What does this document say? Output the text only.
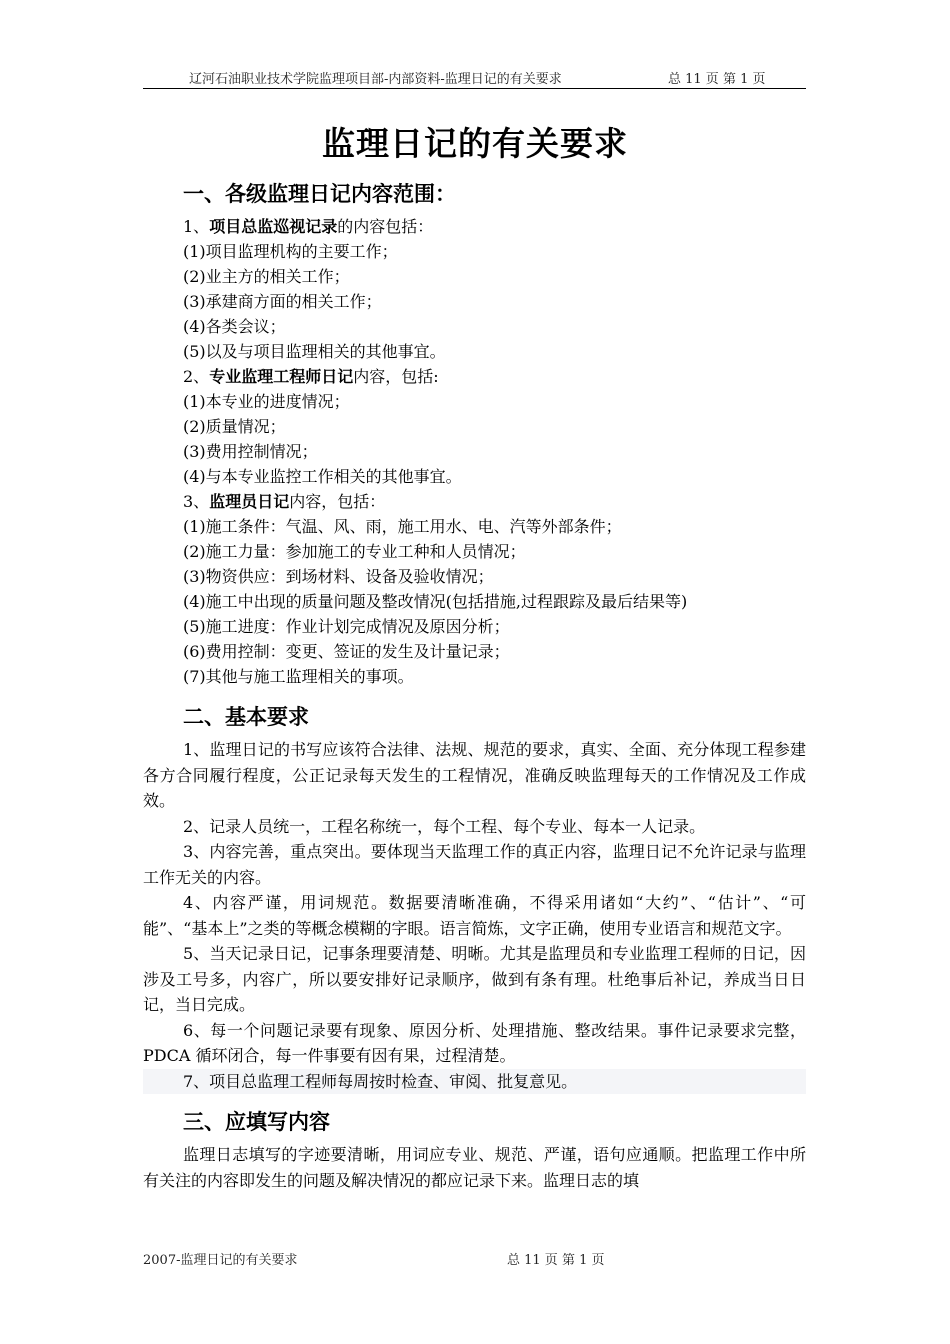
辽河石油职业技术学院监理项目部-内部资料-监理日记的有关要求	总 11 页 第 1 页
监理日记的有关要求
一、各级监理日记内容范围：
1、项目总监巡视记录的内容包括：
(1)项目监理机构的主要工作；
(2)业主方的相关工作；
(3)承建商方面的相关工作；
(4)各类会议；
(5)以及与项目监理相关的其他事宜。
2、专业监理工程师日记内容，包括:
(1)本专业的进度情况；
(2)质量情况；
(3)费用控制情况；
(4)与本专业监控工作相关的其他事宜。
3、监理员日记内容，包括：
(1)施工条件：气温、风、雨，施工用水、电、汽等外部条件；
(2)施工力量：参加施工的专业工种和人员情况；
(3)物资供应：到场材料、设备及验收情况；
(4)施工中出现的质量问题及整改情况(包括措施,过程跟踪及最后结果等)
(5)施工进度：作业计划完成情况及原因分析；
(6)费用控制：变更、签证的发生及计量记录；
(7)其他与施工监理相关的事项。
二、基本要求
1、监理日记的书写应该符合法律、法规、规范的要求，真实、全面、充分体现工程参建各方合同履行程度，公正记录每天发生的工程情况，准确反映监理每天的工作情况及工作成效。
2、记录人员统一，工程名称统一，每个工程、每个专业、每本一人记录。
3、内容完善，重点突出。要体现当天监理工作的真正内容，监理日记不允许记录与监理工作无关的内容。
4、内容严谨，用词规范。数据要清晰准确，不得采用诸如“大约”、“估计”、“可能”、“基本上”之类的等概念模糊的字眼。语言简炼，文字正确，使用专业语言和规范文字。
5、当天记录日记，记事条理要清楚、明晰。尤其是监理员和专业监理工程师的日记，因涉及工号多，内容广，所以要安排好记录顺序，做到有条有理。杜绝事后补记，养成当日日记，当日完成。
6、每一个问题记录要有现象、原因分析、处理措施、整改结果。事件记录要求完整，PDCA 循环闭合，每一件事要有因有果，过程清楚。
7、项目总监理工程师每周按时检查、审阅、批复意见。
三、应填写内容
监理日志填写的字迹要清晰，用词应专业、规范、严谨，语句应通顺。把监理工作中所有关注的内容即发生的问题及解决情况的都应记录下来。监理日志的填
2007-监理日记的有关要求	总 11 页 第 1 页
